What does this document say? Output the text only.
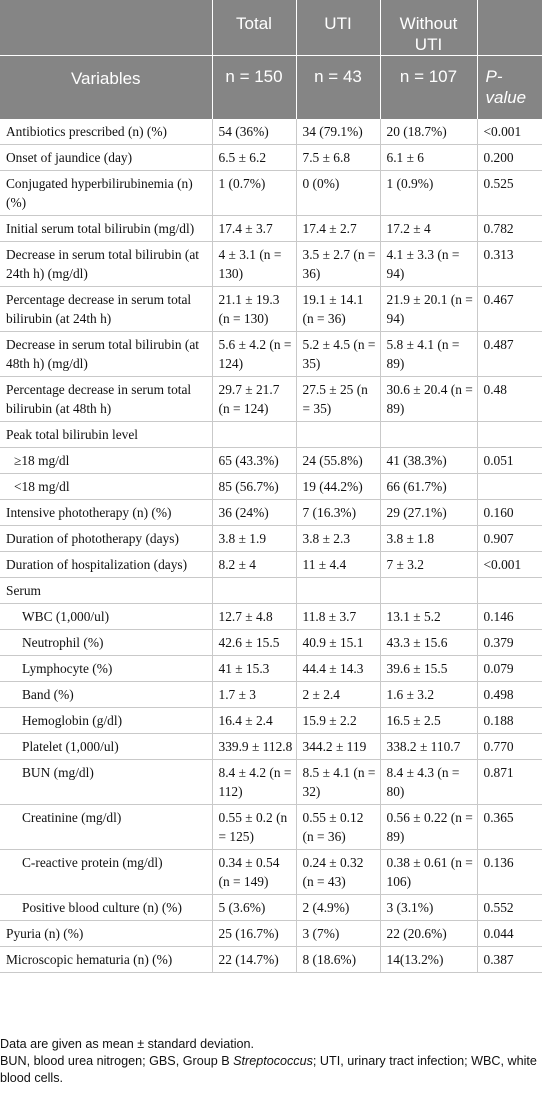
	Total	UTI	Without UTI	
Variables	n = 150	n = 43	n = 107	P-value
Antibiotics prescribed (n) (%)	54 (36%)	34 (79.1%)	20 (18.7%)	<0.001
Onset of jaundice (day)	6.5 ± 6.2	7.5 ± 6.8	6.1 ± 6	0.200
Conjugated hyperbilirubinemia (n) (%)	1 (0.7%)	0 (0%)	1 (0.9%)	0.525
Initial serum total bilirubin (mg/dl)	17.4 ± 3.7	17.4 ± 2.7	17.2 ± 4	0.782
Decrease in serum total bilirubin (at 24th h) (mg/dl)	4 ± 3.1 (n = 130)	3.5 ± 2.7 (n = 36)	4.1 ± 3.3 (n = 94)	0.313
Percentage decrease in serum total bilirubin (at 24th h)	21.1 ± 19.3 (n = 130)	19.1 ± 14.1 (n = 36)	21.9 ± 20.1 (n = 94)	0.467
Decrease in serum total bilirubin (at 48th h) (mg/dl)	5.6 ± 4.2 (n = 124)	5.2 ± 4.5 (n = 35)	5.8 ± 4.1 (n = 89)	0.487
Percentage decrease in serum total bilirubin (at 48th h)	29.7 ± 21.7 (n = 124)	27.5 ± 25 (n = 35)	30.6 ± 20.4 (n = 89)	0.48
Peak total bilirubin level				
≥18 mg/dl	65 (43.3%)	24 (55.8%)	41 (38.3%)	0.051
<18 mg/dl	85 (56.7%)	19 (44.2%)	66 (61.7%)	
Intensive phototherapy (n) (%)	36 (24%)	7 (16.3%)	29 (27.1%)	0.160
Duration of phototherapy (days)	3.8 ± 1.9	3.8 ± 2.3	3.8 ± 1.8	0.907
Duration of hospitalization (days)	8.2 ± 4	11 ± 4.4	7 ± 3.2	<0.001
Serum				
WBC (1,000/ul)	12.7 ± 4.8	11.8 ± 3.7	13.1 ± 5.2	0.146
Neutrophil (%)	42.6 ± 15.5	40.9 ± 15.1	43.3 ± 15.6	0.379
Lymphocyte (%)	41 ± 15.3	44.4 ± 14.3	39.6 ± 15.5	0.079
Band (%)	1.7 ± 3	2 ± 2.4	1.6 ± 3.2	0.498
Hemoglobin (g/dl)	16.4 ± 2.4	15.9 ± 2.2	16.5 ± 2.5	0.188
Platelet (1,000/ul)	339.9 ± 112.8	344.2 ± 119	338.2 ± 110.7	0.770
BUN (mg/dl)	8.4 ± 4.2 (n = 112)	8.5 ± 4.1 (n = 32)	8.4 ± 4.3 (n = 80)	0.871
Creatinine (mg/dl)	0.55 ± 0.2 (n = 125)	0.55 ± 0.12 (n = 36)	0.56 ± 0.22 (n = 89)	0.365
C-reactive protein (mg/dl)	0.34 ± 0.54 (n = 149)	0.24 ± 0.32 (n = 43)	0.38 ± 0.61 (n = 106)	0.136
Positive blood culture (n) (%)	5 (3.6%)	2 (4.9%)	3 (3.1%)	0.552
Pyuria (n) (%)	25 (16.7%)	3 (7%)	22 (20.6%)	0.044
Microscopic hematuria (n) (%)	22 (14.7%)	8 (18.6%)	14(13.2%)	0.387

Data are given as mean ± standard deviation.

BUN, blood urea nitrogen; GBS, Group B Streptococcus; UTI, urinary tract infection; WBC, white blood cells.
